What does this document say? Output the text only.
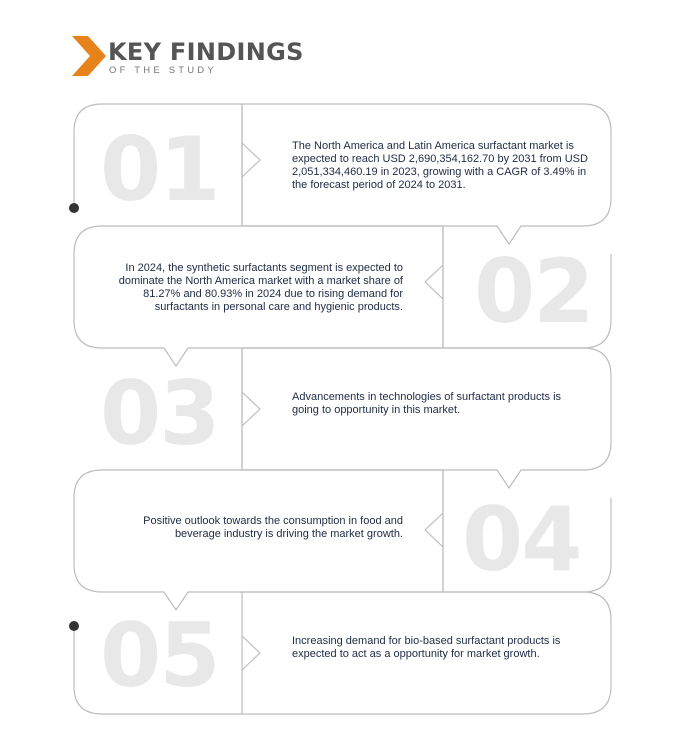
KEY FINDINGS
OF THE STUDY
01	The North America and Latin America surfactant market is expected to reach USD 2,690,354,162.70 by 2031 from USD 2,051,334,460.19 in 2023, growing with a CAGR of 3.49% in the forecast period of 2024 to 2031.
02
In 2024, the synthetic surfactants segment is expected to dominate the North America market with a market share of 81.27% and 80.93% in 2024 due to rising demand for surfactants in personal care and hygienic products.
03	Advancements in technologies of surfactant products is going to opportunity in this market.
04
Positive outlook towards the consumption in food and beverage industry is driving the market growth.
05	Increasing demand for bio-based surfactant products is expected to act as a opportunity for market growth.
